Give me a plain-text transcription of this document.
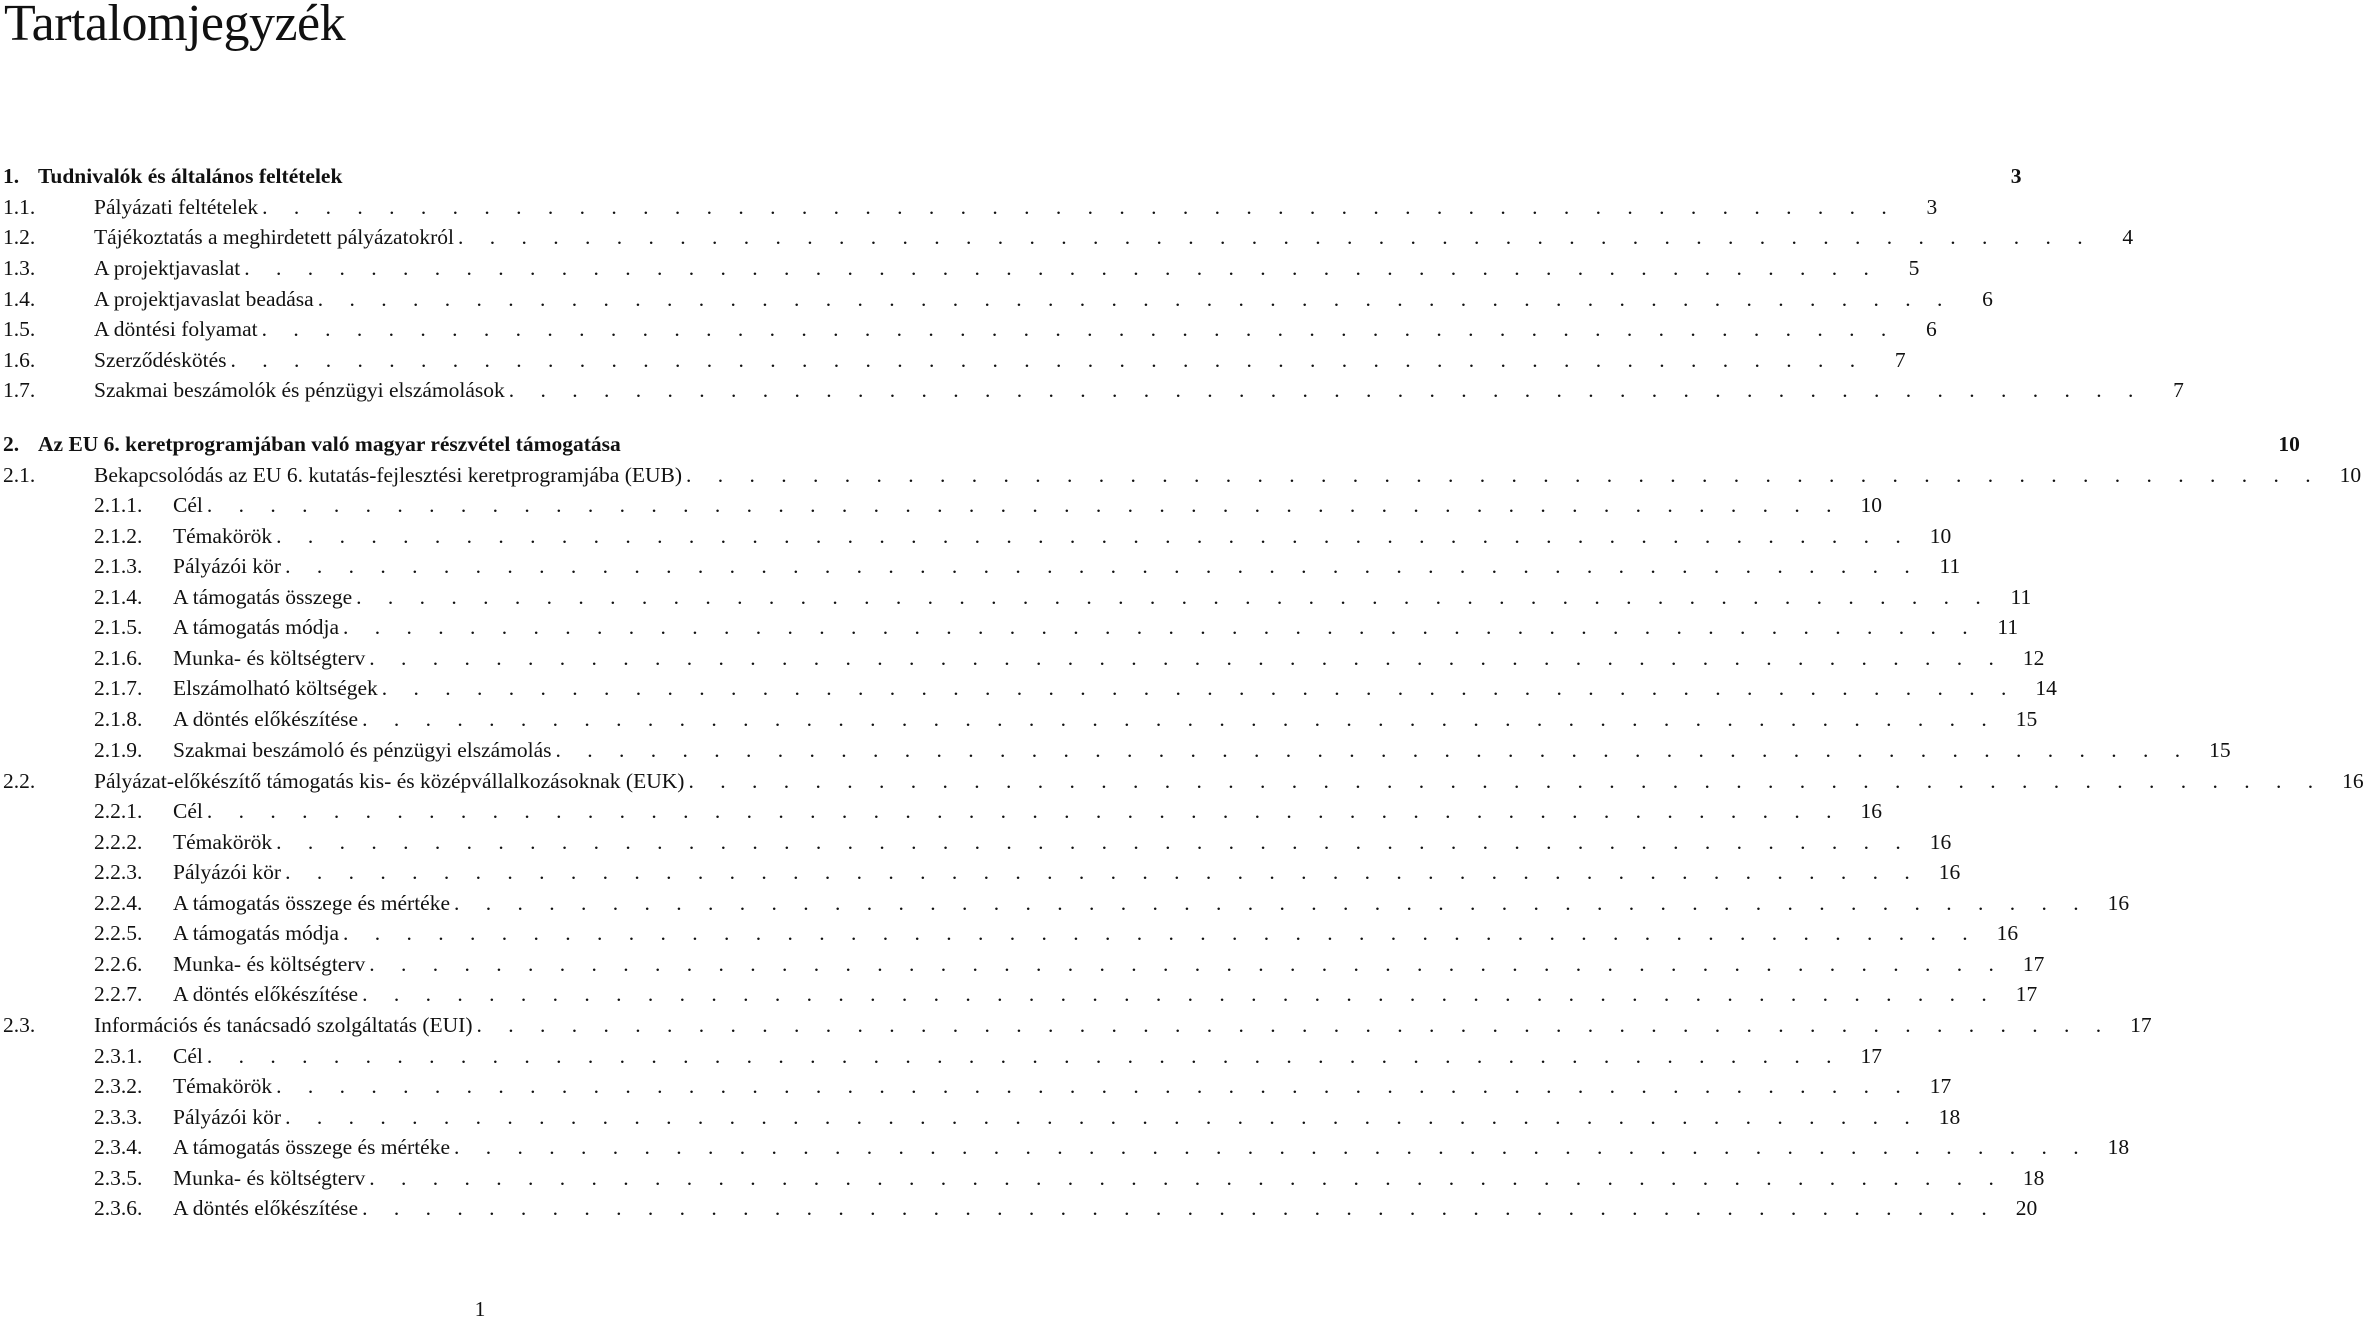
Tartalomjegyzék
1. Tudnivalók és általános feltételek	3
1.1.	Pályázati feltételek . . . . . . . . . . . . . . . . . . . . . . . . . . . . . . . . . . . . . . . . . . . . . . . . . . . .	3
1.2.	Tájékoztatás a meghirdetett pályázatokról . . . . . . . . . . . . . . . . . . . . . . . . . . . . . . . . . . . . . . . . . . . . . . . . . . . .	4
1.3.	A projektjavaslat . . . . . . . . . . . . . . . . . . . . . . . . . . . . . . . . . . . . . . . . . . . . . . . . . . . .	5
1.4.	A projektjavaslat beadása . . . . . . . . . . . . . . . . . . . . . . . . . . . . . . . . . . . . . . . . . . . . . . . . . . . .	6
1.5.	A döntési folyamat . . . . . . . . . . . . . . . . . . . . . . . . . . . . . . . . . . . . . . . . . . . . . . . . . . . .	6
1.6.	Szerződéskötés . . . . . . . . . . . . . . . . . . . . . . . . . . . . . . . . . . . . . . . . . . . . . . . . . . . .	7
1.7.	Szakmai beszámolók és pénzügyi elszámolások . . . . . . . . . . . . . . . . . . . . . . . . . . . . . . . . . . . . . . . . . . . . . . . . . . . .	7
2. Az EU 6. keretprogramjában való magyar részvétel támogatása	10
2.1.	Bekapcsolódás az EU 6. kutatás-fejlesztési keretprogramjába (EUB) . . . . . . . . . . . . . . . . . . . . . . . . . . . . . . . . . . . . . . . . . . . . . . . . . . . . 10
2.1.1.	Cél . . . . . . . . . . . . . . . . . . . . . . . . . . . . . . . . . . . . . . . . . . . . . . . . . . . . 10
2.1.2.	Témakörök . . . . . . . . . . . . . . . . . . . . . . . . . . . . . . . . . . . . . . . . . . . . . . . . . . . . 10
2.1.3.	Pályázói kör . . . . . . . . . . . . . . . . . . . . . . . . . . . . . . . . . . . . . . . . . . . . . . . . . . . . 11
2.1.4.	A támogatás összege . . . . . . . . . . . . . . . . . . . . . . . . . . . . . . . . . . . . . . . . . . . . . . . . . . . . 11
2.1.5.	A támogatás módja . . . . . . . . . . . . . . . . . . . . . . . . . . . . . . . . . . . . . . . . . . . . . . . . . . . . 11
2.1.6.	Munka- és költségterv . . . . . . . . . . . . . . . . . . . . . . . . . . . . . . . . . . . . . . . . . . . . . . . . . . . . 12
2.1.7.	Elszámolható költségek . . . . . . . . . . . . . . . . . . . . . . . . . . . . . . . . . . . . . . . . . . . . . . . . . . . . 14
2.1.8.	A döntés előkészítése . . . . . . . . . . . . . . . . . . . . . . . . . . . . . . . . . . . . . . . . . . . . . . . . . . . . 15
2.1.9.	Szakmai beszámoló és pénzügyi elszámolás . . . . . . . . . . . . . . . . . . . . . . . . . . . . . . . . . . . . . . . . . . . . . . . . . . . . 15
2.2.	Pályázat-előkészítő támogatás kis- és középvállalkozásoknak (EUK) . . . . . . . . . . . . . . . . . . . . . . . . . . . . . . . . . . . . . . . . . . . . . . . . . . . . 16
2.2.1.	Cél . . . . . . . . . . . . . . . . . . . . . . . . . . . . . . . . . . . . . . . . . . . . . . . . . . . . 16
2.2.2.	Témakörök . . . . . . . . . . . . . . . . . . . . . . . . . . . . . . . . . . . . . . . . . . . . . . . . . . . . 16
2.2.3.	Pályázói kör . . . . . . . . . . . . . . . . . . . . . . . . . . . . . . . . . . . . . . . . . . . . . . . . . . . . 16
2.2.4.	A támogatás összege és mértéke . . . . . . . . . . . . . . . . . . . . . . . . . . . . . . . . . . . . . . . . . . . . . . . . . . . . 16
2.2.5.	A támogatás módja . . . . . . . . . . . . . . . . . . . . . . . . . . . . . . . . . . . . . . . . . . . . . . . . . . . . 16
2.2.6.	Munka- és költségterv . . . . . . . . . . . . . . . . . . . . . . . . . . . . . . . . . . . . . . . . . . . . . . . . . . . . 17
2.2.7.	A döntés előkészítése . . . . . . . . . . . . . . . . . . . . . . . . . . . . . . . . . . . . . . . . . . . . . . . . . . . . 17
2.3.	Információs és tanácsadó szolgáltatás (EUI) . . . . . . . . . . . . . . . . . . . . . . . . . . . . . . . . . . . . . . . . . . . . . . . . . . . . 17
2.3.1.	Cél . . . . . . . . . . . . . . . . . . . . . . . . . . . . . . . . . . . . . . . . . . . . . . . . . . . . 17
2.3.2.	Témakörök . . . . . . . . . . . . . . . . . . . . . . . . . . . . . . . . . . . . . . . . . . . . . . . . . . . . 17
2.3.3.	Pályázói kör . . . . . . . . . . . . . . . . . . . . . . . . . . . . . . . . . . . . . . . . . . . . . . . . . . . . 18
2.3.4.	A támogatás összege és mértéke . . . . . . . . . . . . . . . . . . . . . . . . . . . . . . . . . . . . . . . . . . . . . . . . . . . . 18
2.3.5.	Munka- és költségterv . . . . . . . . . . . . . . . . . . . . . . . . . . . . . . . . . . . . . . . . . . . . . . . . . . . . 18
2.3.6.	A döntés előkészítése . . . . . . . . . . . . . . . . . . . . . . . . . . . . . . . . . . . . . . . . . . . . . . . . . . . . 20
1
